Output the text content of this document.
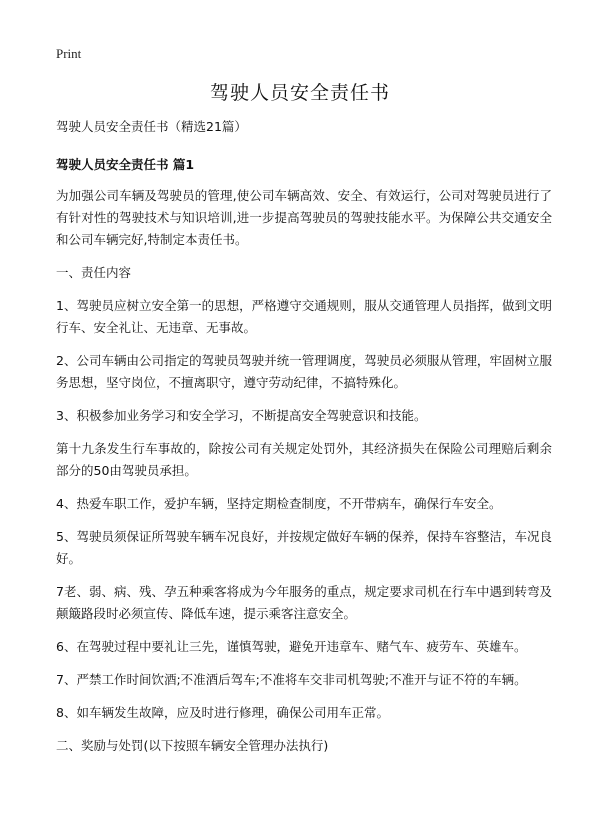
Print
驾驶人员安全责任书

驾驶人员安全责任书（精选21篇）

驾驶人员安全责任书 篇1

为加强公司车辆及驾驶员的管理,使公司车辆高效、安全、有效运行，公司对驾驶员进行了有针对性的驾驶技术与知识培训,进一步提高驾驶员的驾驶技能水平。为保障公共交通安全和公司车辆完好,特制定本责任书。

一、责任内容

1、驾驶员应树立安全第一的思想，严格遵守交通规则，服从交通管理人员指挥，做到文明行车、安全礼让、无违章、无事故。

2、公司车辆由公司指定的驾驶员驾驶并统一管理调度，驾驶员必须服从管理，牢固树立服务思想，坚守岗位，不擅离职守，遵守劳动纪律，不搞特殊化。

3、积极参加业务学习和安全学习，不断提高安全驾驶意识和技能。

第十九条发生行车事故的，除按公司有关规定处罚外，其经济损失在保险公司理赔后剩余部分的50由驾驶员承担。

4、热爱车职工作，爱护车辆，坚持定期检查制度，不开带病车，确保行车安全。

5、驾驶员须保证所驾驶车辆车况良好，并按规定做好车辆的保养，保持车容整洁，车况良好。

7老、弱、病、残、孕五种乘客将成为今年服务的重点，规定要求司机在行车中遇到转弯及颠簸路段时必须宣传、降低车速，提示乘客注意安全。

6、在驾驶过程中要礼让三先，谨慎驾驶，避免开违章车、赌气车、疲劳车、英雄车。

7、严禁工作时间饮酒;不准酒后驾车;不准将车交非司机驾驶;不准开与证不符的车辆。

8、如车辆发生故障，应及时进行修理，确保公司用车正常。

二、奖励与处罚(以下按照车辆安全管理办法执行)
